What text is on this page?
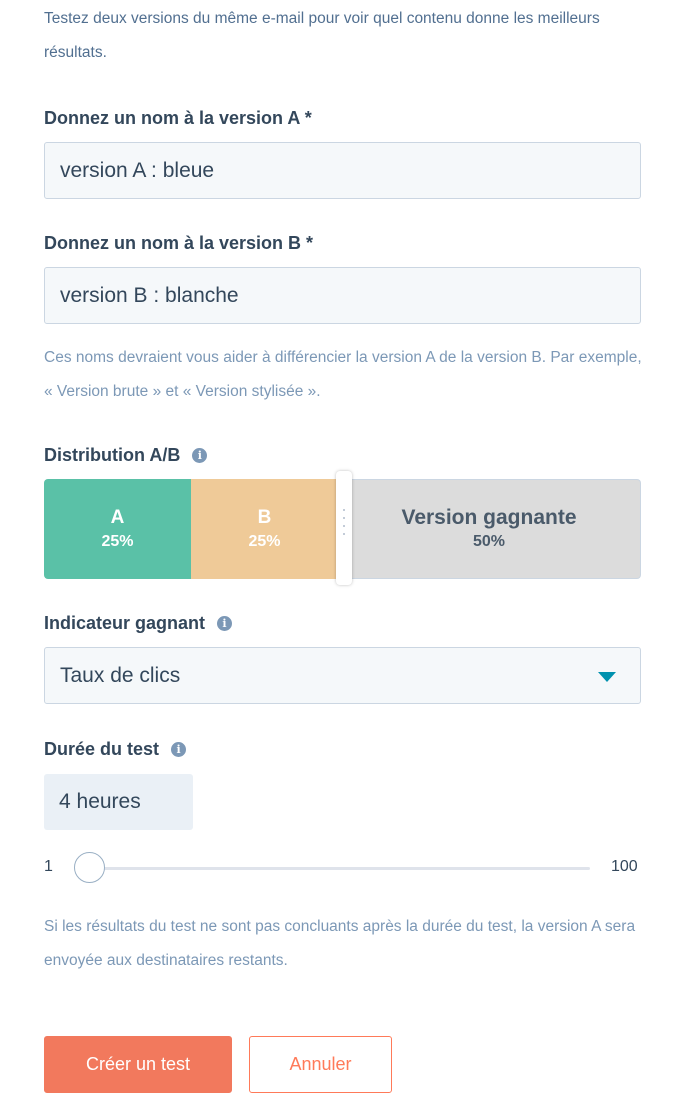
Testez deux versions du même e-mail pour voir quel contenu donne les meilleurs résultats.

Donnez un nom à la version A *
version A : bleue
Donnez un nom à la version B *
version B : blanche

Ces noms devraient vous aider à différencier la version A de la version B. Par exemple, « Version brute » et « Version stylisée ».

Distribution A/B	i
A
25%
B
25%
Version gagnante
50%
Indicateur gagnant	i
Taux de clics
Durée du test	i
4 heures
1	100

Si les résultats du test ne sont pas concluants après la durée du test, la version A sera envoyée aux destinataires restants.

Créer un test	Annuler
